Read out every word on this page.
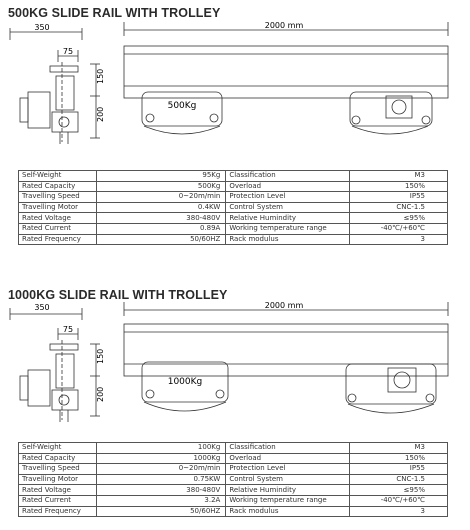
500KG SLIDE RAIL WITH TROLLEY
350
75
150
200
2000 mm
500Kg
Self-Weight	95Kg	Classification	M3
Rated Capacity	500Kg	Overload	150%
Travelling Speed	0~20m/min	Protection Level	IP55
Travelling Motor	0.4KW	Control System	CNC-1.5
Rated Voltage	380-480V	Relative Humindity	≤95%
Rated Current	0.89A	Working temperature range	-40℃/+60℃
Rated Frequency	50/60HZ	Rack modulus	3
1000KG SLIDE RAIL WITH TROLLEY
350
75
150
200
2000 mm
1000Kg
Self-Weight	100Kg	Classification	M3
Rated Capacity	1000Kg	Overload	150%
Travelling Speed	0~20m/min	Protection Level	IP55
Travelling Motor	0.75KW	Control System	CNC-1.5
Rated Voltage	380-480V	Relative Humindity	≤95%
Rated Current	3.2A	Working temperature range	-40℃/+60℃
Rated Frequency	50/60HZ	Rack modulus	3
